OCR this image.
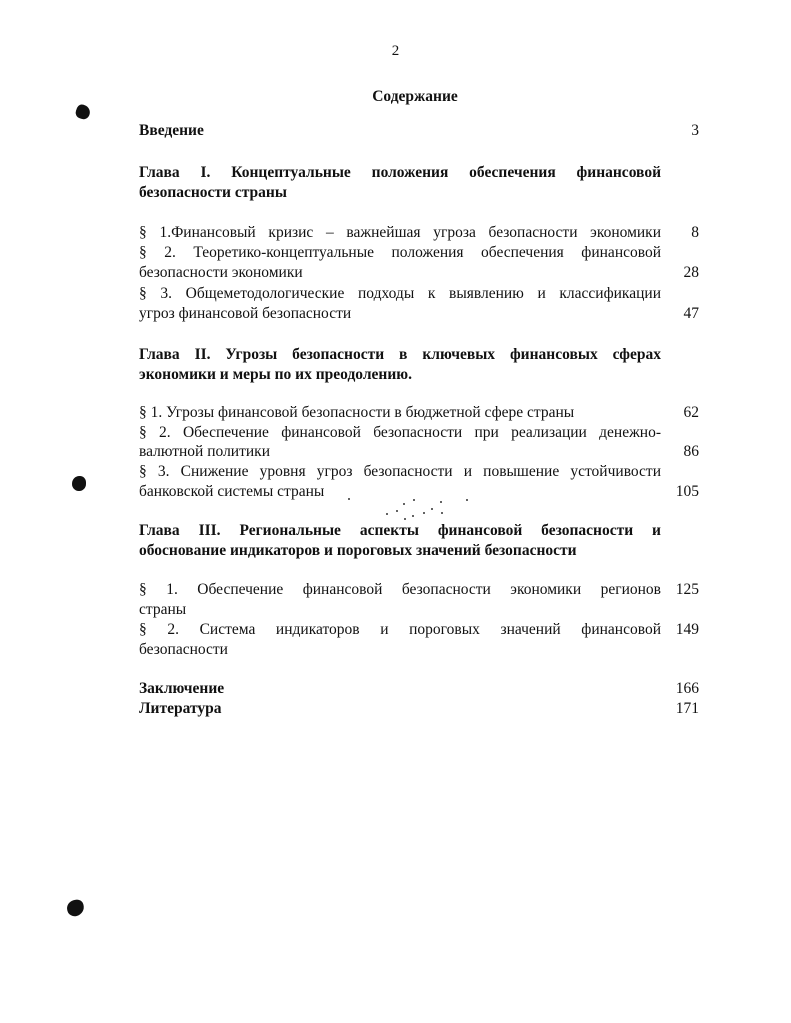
2
Содержание
Введение	3
Глава I. Концептуальные положения обеспечения финансовой
безопасности страны
§ 1.Финансовый кризис – важнейшая угроза безопасности экономики 8
§ 2. Теоретико-концептуальные положения обеспечения финансовой
безопасности экономики	28
§ 3. Общеметодологические подходы к выявлению и классификации
угроз финансовой безопасности	47
Глава II. Угрозы безопасности в ключевых финансовых сферах
экономики и меры по их преодолению.
§ 1. Угрозы финансовой безопасности в бюджетной сфере страны	62
§ 2. Обеспечение финансовой безопасности при реализации денежно-
валютной политики	86
§ 3. Снижение уровня угроз безопасности и повышение устойчивости
банковской системы страны	105
Глава III. Региональные аспекты финансовой безопасности и
обоснование индикаторов и пороговых значений безопасности
§ 1. Обеспечение финансовой безопасности экономики регионов 125
страны
§ 2. Система индикаторов и пороговых значений финансовой 149
безопасности
Заключение	166
Литература	171
